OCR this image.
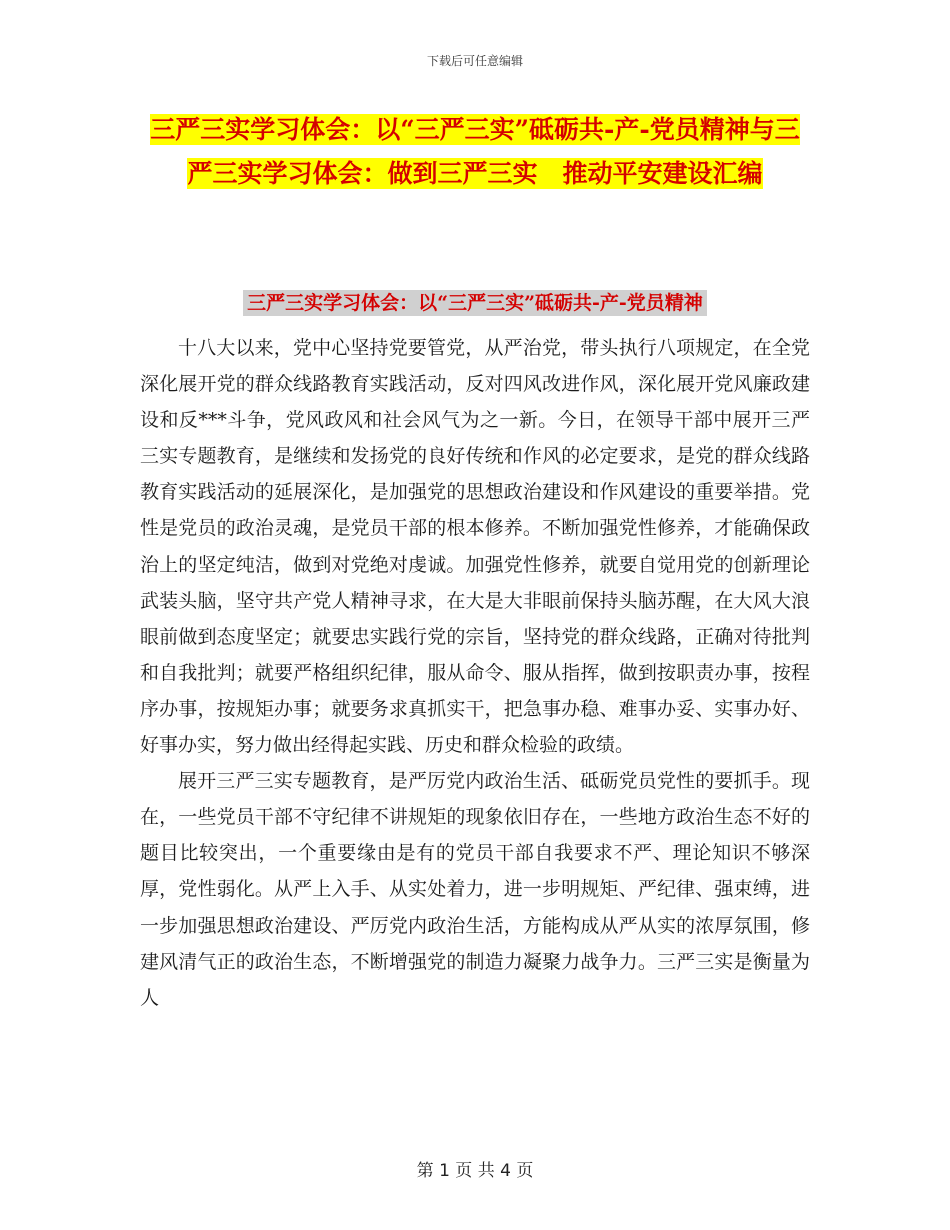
下载后可任意编辑
三严三实学习体会：以“三严三实”砥砺共-产-党员精神与三严三实学习体会：做到三严三实　推动平安建设汇编
三严三实学习体会：以“三严三实”砥砺共-产-党员精神

十八大以来，党中心坚持党要管党，从严治党，带头执行八项规定，在全党深化展开党的群众线路教育实践活动，反对四风改进作风，深化展开党风廉政建设和反***斗争，党风政风和社会风气为之一新。今日，在领导干部中展开三严三实专题教育，是继续和发扬党的良好传统和作风的必定要求，是党的群众线路教育实践活动的延展深化，是加强党的思想政治建设和作风建设的重要举措。党性是党员的政治灵魂，是党员干部的根本修养。不断加强党性修养，才能确保政治上的坚定纯洁，做到对党绝对虔诚。加强党性修养，就要自觉用党的创新理论武装头脑，坚守共产党人精神寻求，在大是大非眼前保持头脑苏醒，在大风大浪眼前做到态度坚定；就要忠实践行党的宗旨，坚持党的群众线路，正确对待批判和自我批判；就要严格组织纪律，服从命令、服从指挥，做到按职责办事，按程序办事，按规矩办事；就要务求真抓实干，把急事办稳、难事办妥、实事办好、好事办实，努力做出经得起实践、历史和群众检验的政绩。

展开三严三实专题教育，是严厉党内政治生活、砥砺党员党性的要抓手。现在，一些党员干部不守纪律不讲规矩的现象依旧存在，一些地方政治生态不好的题目比较突出，一个重要缘由是有的党员干部自我要求不严、理论知识不够深厚，党性弱化。从严上入手、从实处着力，进一步明规矩、严纪律、强束缚，进一步加强思想政治建设、严厉党内政治生活，方能构成从严从实的浓厚氛围，修建风清气正的政治生态，不断增强党的制造力凝聚力战争力。三严三实是衡量为人

第 1 页 共 4 页
